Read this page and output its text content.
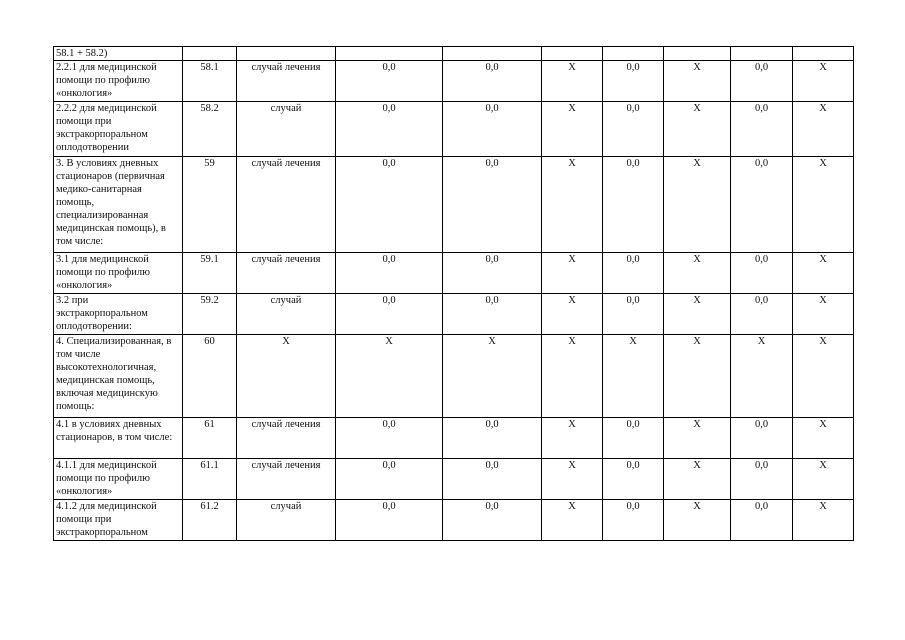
58.1 + 58.2)									
2.2.1 для медицинской помощи по профилю «онкология»	58.1	случай лечения	0,0	0,0	X	0,0	X	0,0	X
2.2.2 для медицинской помощи при экстракорпоральном оплодотворении	58.2	случай	0,0	0,0	X	0,0	X	0,0	X
3. В условиях дневных стационаров (первичная медико-санитарная помощь, специализированная медицинская помощь), в том числе:	59	случай лечения	0,0	0,0	X	0,0	X	0,0	X
3.1 для медицинской помощи по профилю «онкология»	59.1	случай лечения	0,0	0,0	X	0,0	X	0,0	X
3.2 при экстракорпоральном оплодотворении:	59.2	случай	0,0	0,0	X	0,0	X	0,0	X
4. Специализированная, в том числе высокотехнологичная, медицинская помощь, включая медицинскую помощь:	60	X	X	X	X	X	X	X	X
4.1 в условиях дневных стационаров, в том числе:	61	случай лечения	0,0	0,0	X	0,0	X	0,0	X
4.1.1 для медицинской помощи по профилю «онкология»	61.1	случай лечения	0,0	0,0	X	0,0	X	0,0	X
4.1.2 для медицинской помощи при экстракорпоральном	61.2	случай	0,0	0,0	X	0,0	X	0,0	X
